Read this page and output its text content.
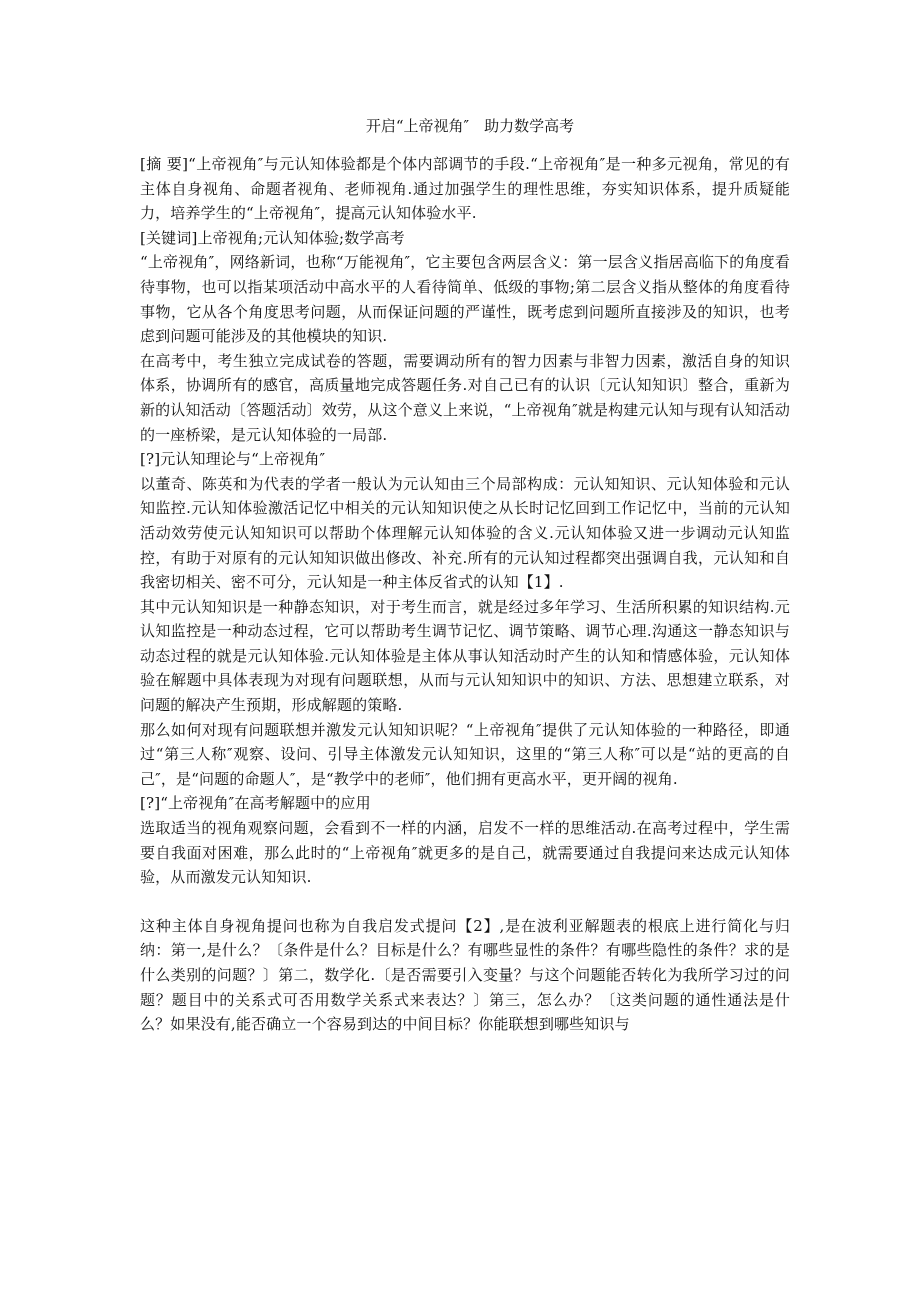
开启“上帝视角″　助力数学高考

[摘 要]“上帝视角″与元认知体验都是个体内部调节的手段.“上帝视角″是一种多元视角，常见的有主体自身视角、命题者视角、老师视角.通过加强学生的理性思维，夯实知识体系，提升质疑能力，培养学生的“上帝视角″，提高元认知体验水平.

[关键词]上帝视角;元认知体验;数学高考

“上帝视角″，网络新词，也称“万能视角″，它主要包含两层含义：第一层含义指居高临下的角度看待事物，也可以指某项活动中高水平的人看待简单、低级的事物;第二层含义指从整体的角度看待事物，它从各个角度思考问题，从而保证问题的严谨性，既考虑到问题所直接涉及的知识，也考虑到问题可能涉及的其他模块的知识.

在高考中，考生独立完成试卷的答题，需要调动所有的智力因素与非智力因素，激活自身的知识体系，协调所有的感官，高质量地完成答题任务.对自己已有的认识〔元认知知识〕整合，重新为新的认知活动〔答题活动〕效劳，从这个意义上来说，“上帝视角″就是构建元认知与现有认知活动的一座桥梁，是元认知体验的一局部.

[?]元认知理论与“上帝视角″

以董奇、陈英和为代表的学者一般认为元认知由三个局部构成：元认知知识、元认知体验和元认知监控.元认知体验激活记忆中相关的元认知知识使之从长时记忆回到工作记忆中，当前的元认知活动效劳使元认知知识可以帮助个体理解元认知体验的含义.元认知体验又进一步调动元认知监控，有助于对原有的元认知知识做出修改、补充.所有的元认知过程都突出强调自我，元认知和自我密切相关、密不可分，元认知是一种主体反省式的认知【1】.

其中元认知知识是一种静态知识，对于考生而言，就是经过多年学习、生活所积累的知识结构.元认知监控是一种动态过程，它可以帮助考生调节记忆、调节策略、调节心理.沟通这一静态知识与动态过程的就是元认知体验.元认知体验是主体从事认知活动时产生的认知和情感体验，元认知体验在解题中具体表现为对现有问题联想，从而与元认知知识中的知识、方法、思想建立联系，对问题的解决产生预期，形成解题的策略.

那么如何对现有问题联想并激发元认知知识呢？“上帝视角″提供了元认知体验的一种路径，即通过“第三人称″观察、设问、引导主体激发元认知知识，这里的“第三人称″可以是“站的更高的自己″，是“问题的命题人″，是“教学中的老师″，他们拥有更高水平，更开阔的视角.

[?]“上帝视角″在高考解题中的应用

选取适当的视角观察问题，会看到不一样的内涵，启发不一样的思维活动.在高考过程中，学生需要自我面对困难，那么此时的“上帝视角″就更多的是自己，就需要通过自我提问来达成元认知体验，从而激发元认知知识.

这种主体自身视角提问也称为自我启发式提问【2】,是在波利亚解题表的根底上进行简化与归纳：第一,是什么？〔条件是什么？目标是什么？有哪些显性的条件？有哪些隐性的条件？求的是什么类别的问题？〕第二，数学化.〔是否需要引入变量？与这个问题能否转化为我所学习过的问题？题目中的关系式可否用数学关系式来表达？〕第三，怎么办？〔这类问题的通性通法是什么？如果没有,能否确立一个容易到达的中间目标？你能联想到哪些知识与
